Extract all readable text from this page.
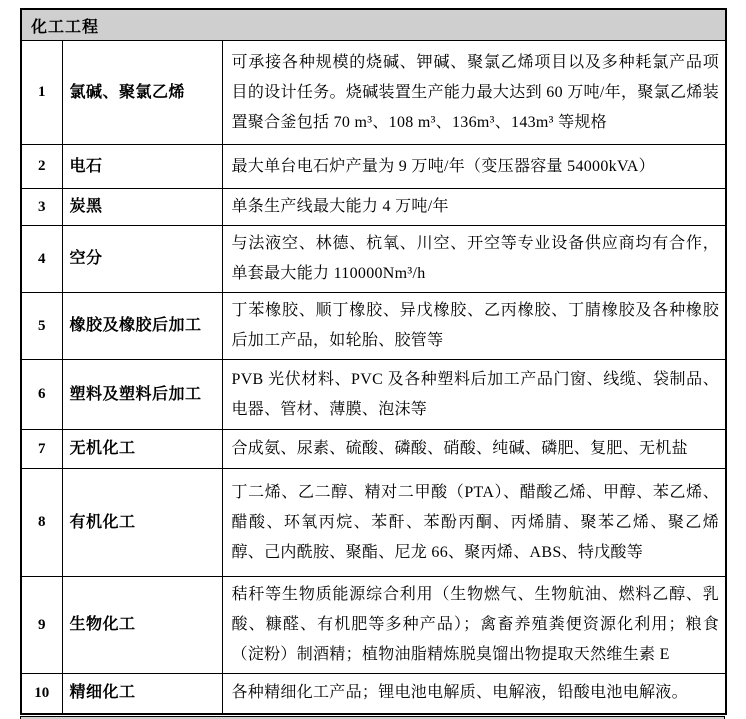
化工工程		
1	氯碱、聚氯乙烯	可承接各种规模的烧碱、钾碱、聚氯乙烯项目以及多种耗氯产品项目的设计任务。烧碱装置生产能力最大达到 60 万吨/年，聚氯乙烯装置聚合釜包括 70 m³、108 m³、136m³、143m³ 等规格
2	电石	最大单台电石炉产量为 9 万吨/年（变压器容量 54000kVA）
3	炭黑	单条生产线最大能力 4 万吨/年
4	空分	与法液空、林德、杭氧、川空、开空等专业设备供应商均有合作，单套最大能力 110000Nm³/h
5	橡胶及橡胶后加工	丁苯橡胶、顺丁橡胶、异戊橡胶、乙丙橡胶、丁腈橡胶及各种橡胶后加工产品，如轮胎、胶管等
6	塑料及塑料后加工	PVB 光伏材料、PVC 及各种塑料后加工产品门窗、线缆、袋制品、电器、管材、薄膜、泡沫等
7	无机化工	合成氨、尿素、硫酸、磷酸、硝酸、纯碱、磷肥、复肥、无机盐
8	有机化工	丁二烯、乙二醇、精对二甲酸（PTA）、醋酸乙烯、甲醇、苯乙烯、醋酸、环氧丙烷、苯酐、苯酚丙酮、丙烯腈、聚苯乙烯、聚乙烯醇、己内酰胺、聚酯、尼龙 66、聚丙烯、ABS、特戊酸等
9	生物化工	秸秆等生物质能源综合利用（生物燃气、生物航油、燃料乙醇、乳酸、糠醛、有机肥等多种产品）；禽畜养殖粪便资源化利用；粮食（淀粉）制酒精；植物油脂精炼脱臭馏出物提取天然维生素 E
10	精细化工	各种精细化工产品；锂电池电解质、电解液，铅酸电池电解液。
